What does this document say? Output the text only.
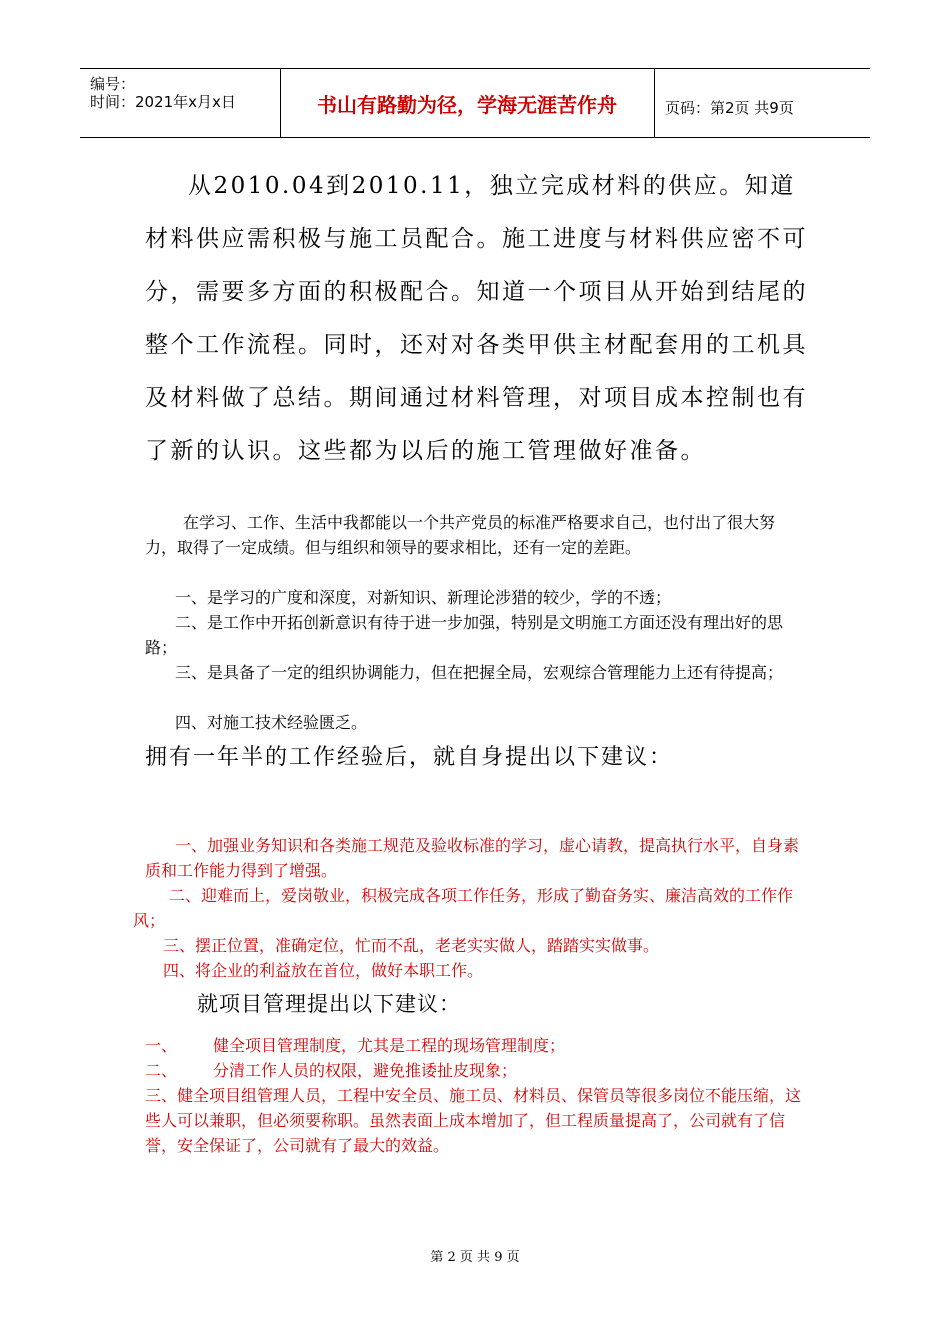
编号：
时间：2021年x月x日	书山有路勤为径，学海无涯苦作舟	页码：第2页 共9页

从2010.04到2010.11，独立完成材料的供应。知道材料供应需积极与施工员配合。施工进度与材料供应密不可分，需要多方面的积极配合。知道一个项目从开始到结尾的整个工作流程。同时，还对对各类甲供主材配套用的工机具及材料做了总结。期间通过材料管理，对项目成本控制也有了新的认识。这些都为以后的施工管理做好准备。

在学习、工作、生活中我都能以一个共产党员的标准严格要求自己，也付出了很大努力，取得了一定成绩。但与组织和领导的要求相比，还有一定的差距。

一、是学习的广度和深度，对新知识、新理论涉猎的较少，学的不透；

二、是工作中开拓创新意识有待于进一步加强，特别是文明施工方面还没有理出好的思路；

三、是具备了一定的组织协调能力，但在把握全局，宏观综合管理能力上还有待提高；

四、对施工技术经验匮乏。

拥有一年半的工作经验后，就自身提出以下建议：

一、加强业务知识和各类施工规范及验收标准的学习，虚心请教，提高执行水平，自身素质和工作能力得到了增强。

二、迎难而上，爱岗敬业，积极完成各项工作任务，形成了勤奋务实、廉洁高效的工作作风；

三、摆正位置，准确定位，忙而不乱，老老实实做人，踏踏实实做事。

四、将企业的利益放在首位，做好本职工作。

就项目管理提出以下建议：

一、 健全项目管理制度，尤其是工程的现场管理制度；
二、 分清工作人员的权限，避免推诿扯皮现象；

三、健全项目组管理人员，工程中安全员、施工员、材料员、保管员等很多岗位不能压缩，这些人可以兼职，但必须要称职。虽然表面上成本增加了，但工程质量提高了，公司就有了信誉，安全保证了，公司就有了最大的效益。

第 2 页 共 9 页
